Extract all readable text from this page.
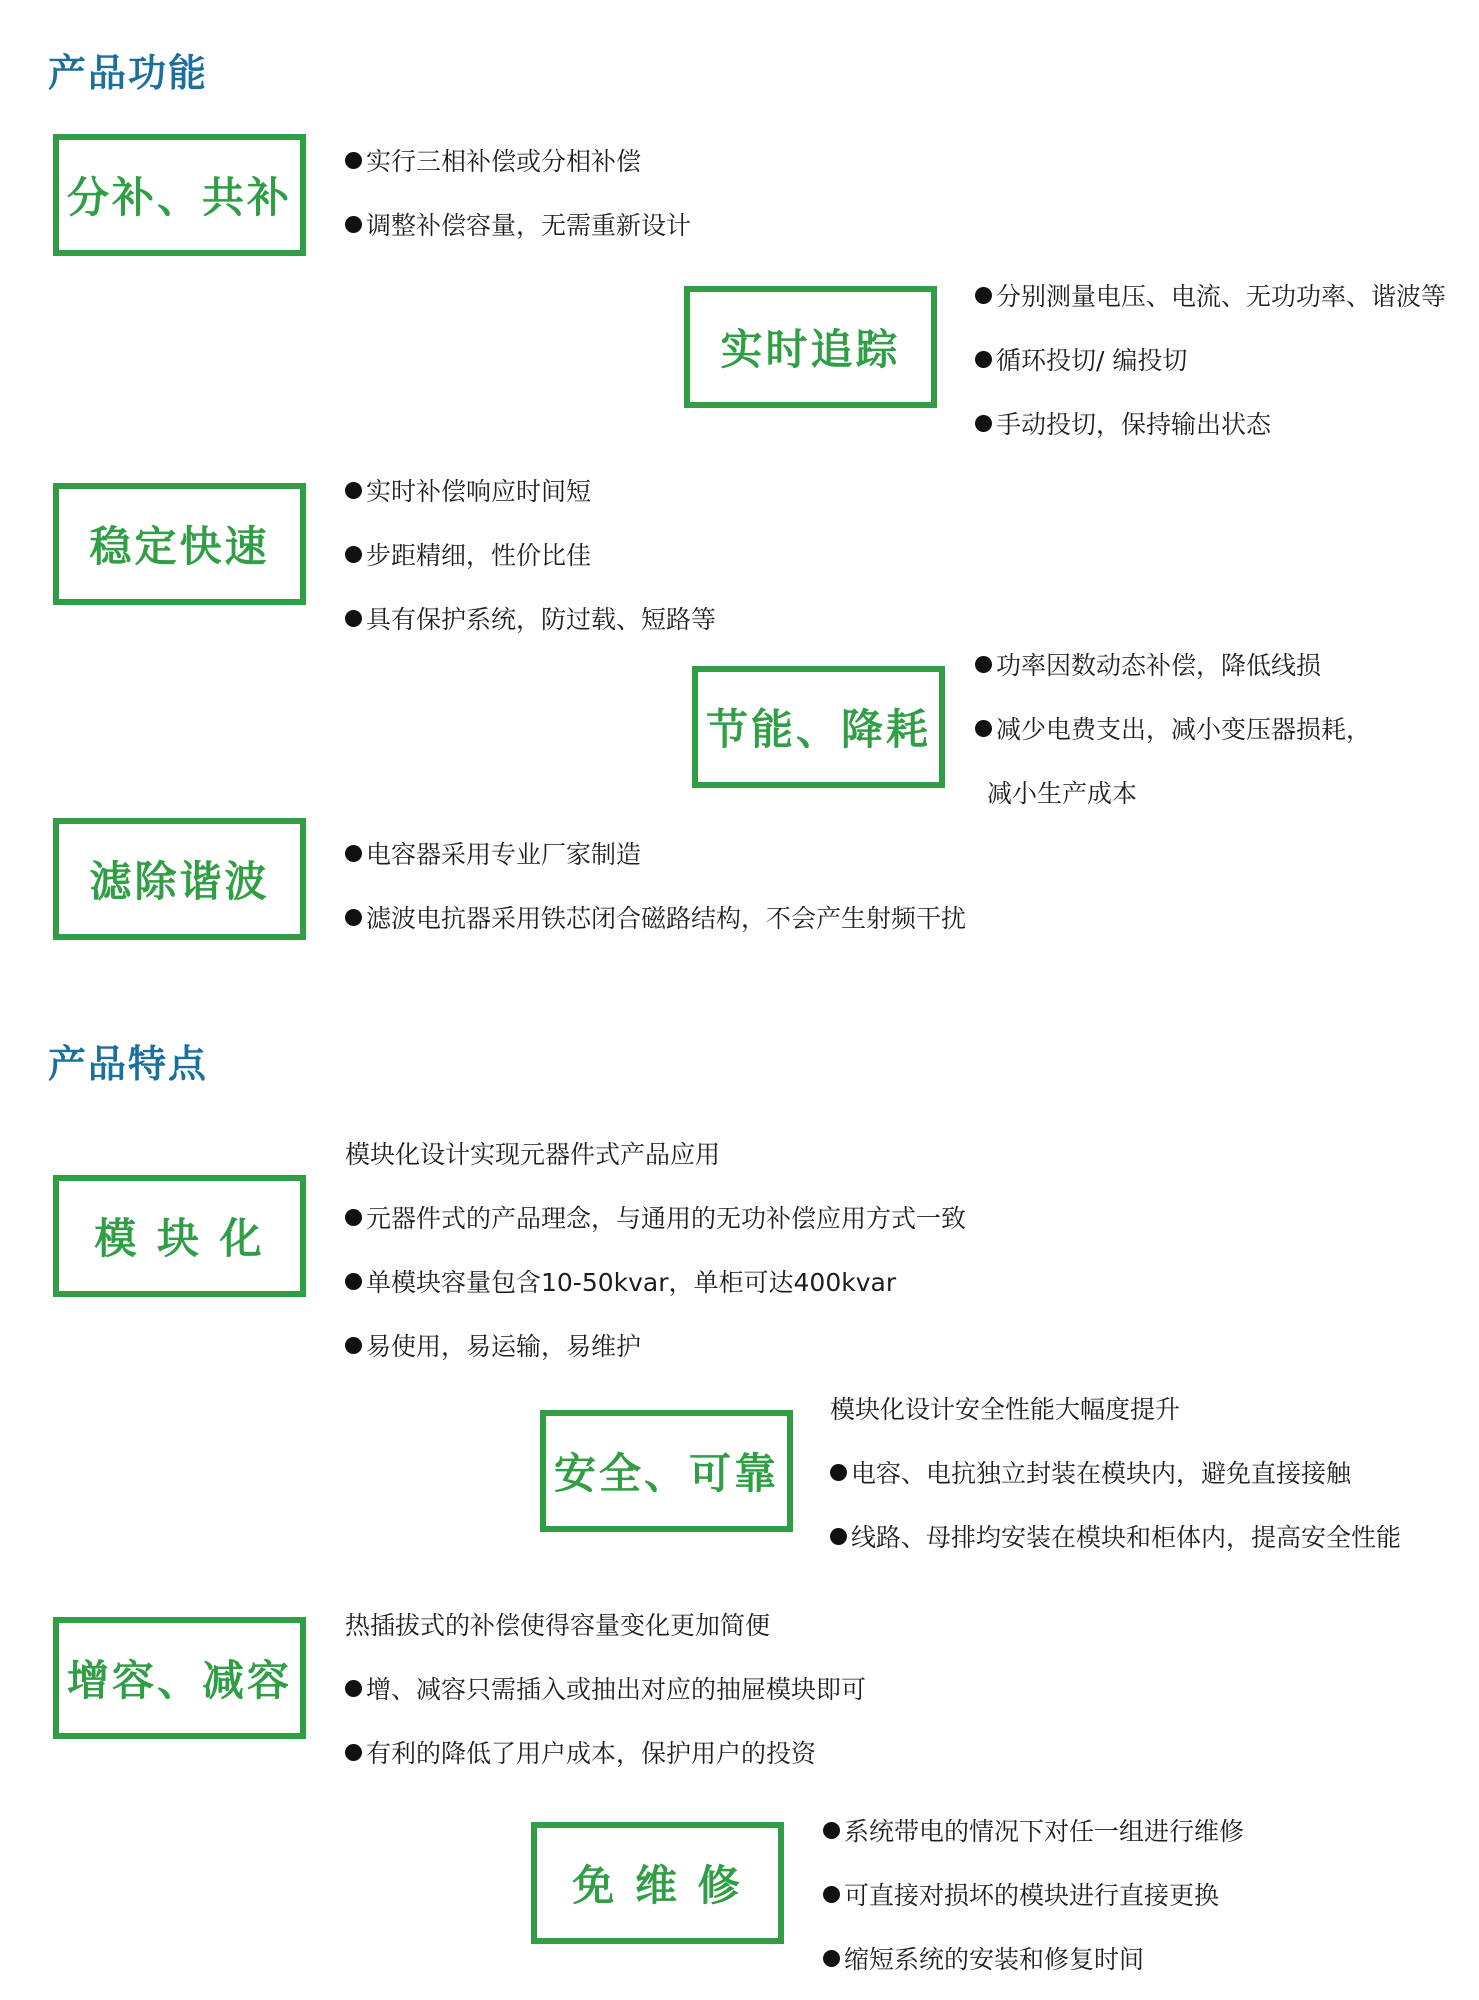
产品功能
分补、共补
实行三相补偿或分相补偿
调整补偿容量，无需重新设计
实时追踪
分别测量电压、电流、无功功率、谐波等
循环投切/ 编投切
手动投切，保持输出状态
稳定快速
实时补偿响应时间短
步距精细，性价比佳
具有保护系统，防过载、短路等
节能、降耗
功率因数动态补偿，降低线损
减少电费支出，减小变压器损耗，
减小生产成本
滤除谐波
电容器采用专业厂家制造
滤波电抗器采用铁芯闭合磁路结构，不会产生射频干扰
产品特点
模 块 化
模块化设计实现元器件式产品应用
元器件式的产品理念，与通用的无功补偿应用方式一致
单模块容量包含10-50kvar，单柜可达400kvar
易使用，易运输，易维护
安全、可靠
模块化设计安全性能大幅度提升
电容、电抗独立封装在模块内，避免直接接触
线路、母排均安装在模块和柜体内，提高安全性能
增容、减容
热插拔式的补偿使得容量变化更加简便
增、减容只需插入或抽出对应的抽屉模块即可
有利的降低了用户成本，保护用户的投资
免 维 修
系统带电的情况下对任一组进行维修
可直接对损坏的模块进行直接更换
缩短系统的安装和修复时间
